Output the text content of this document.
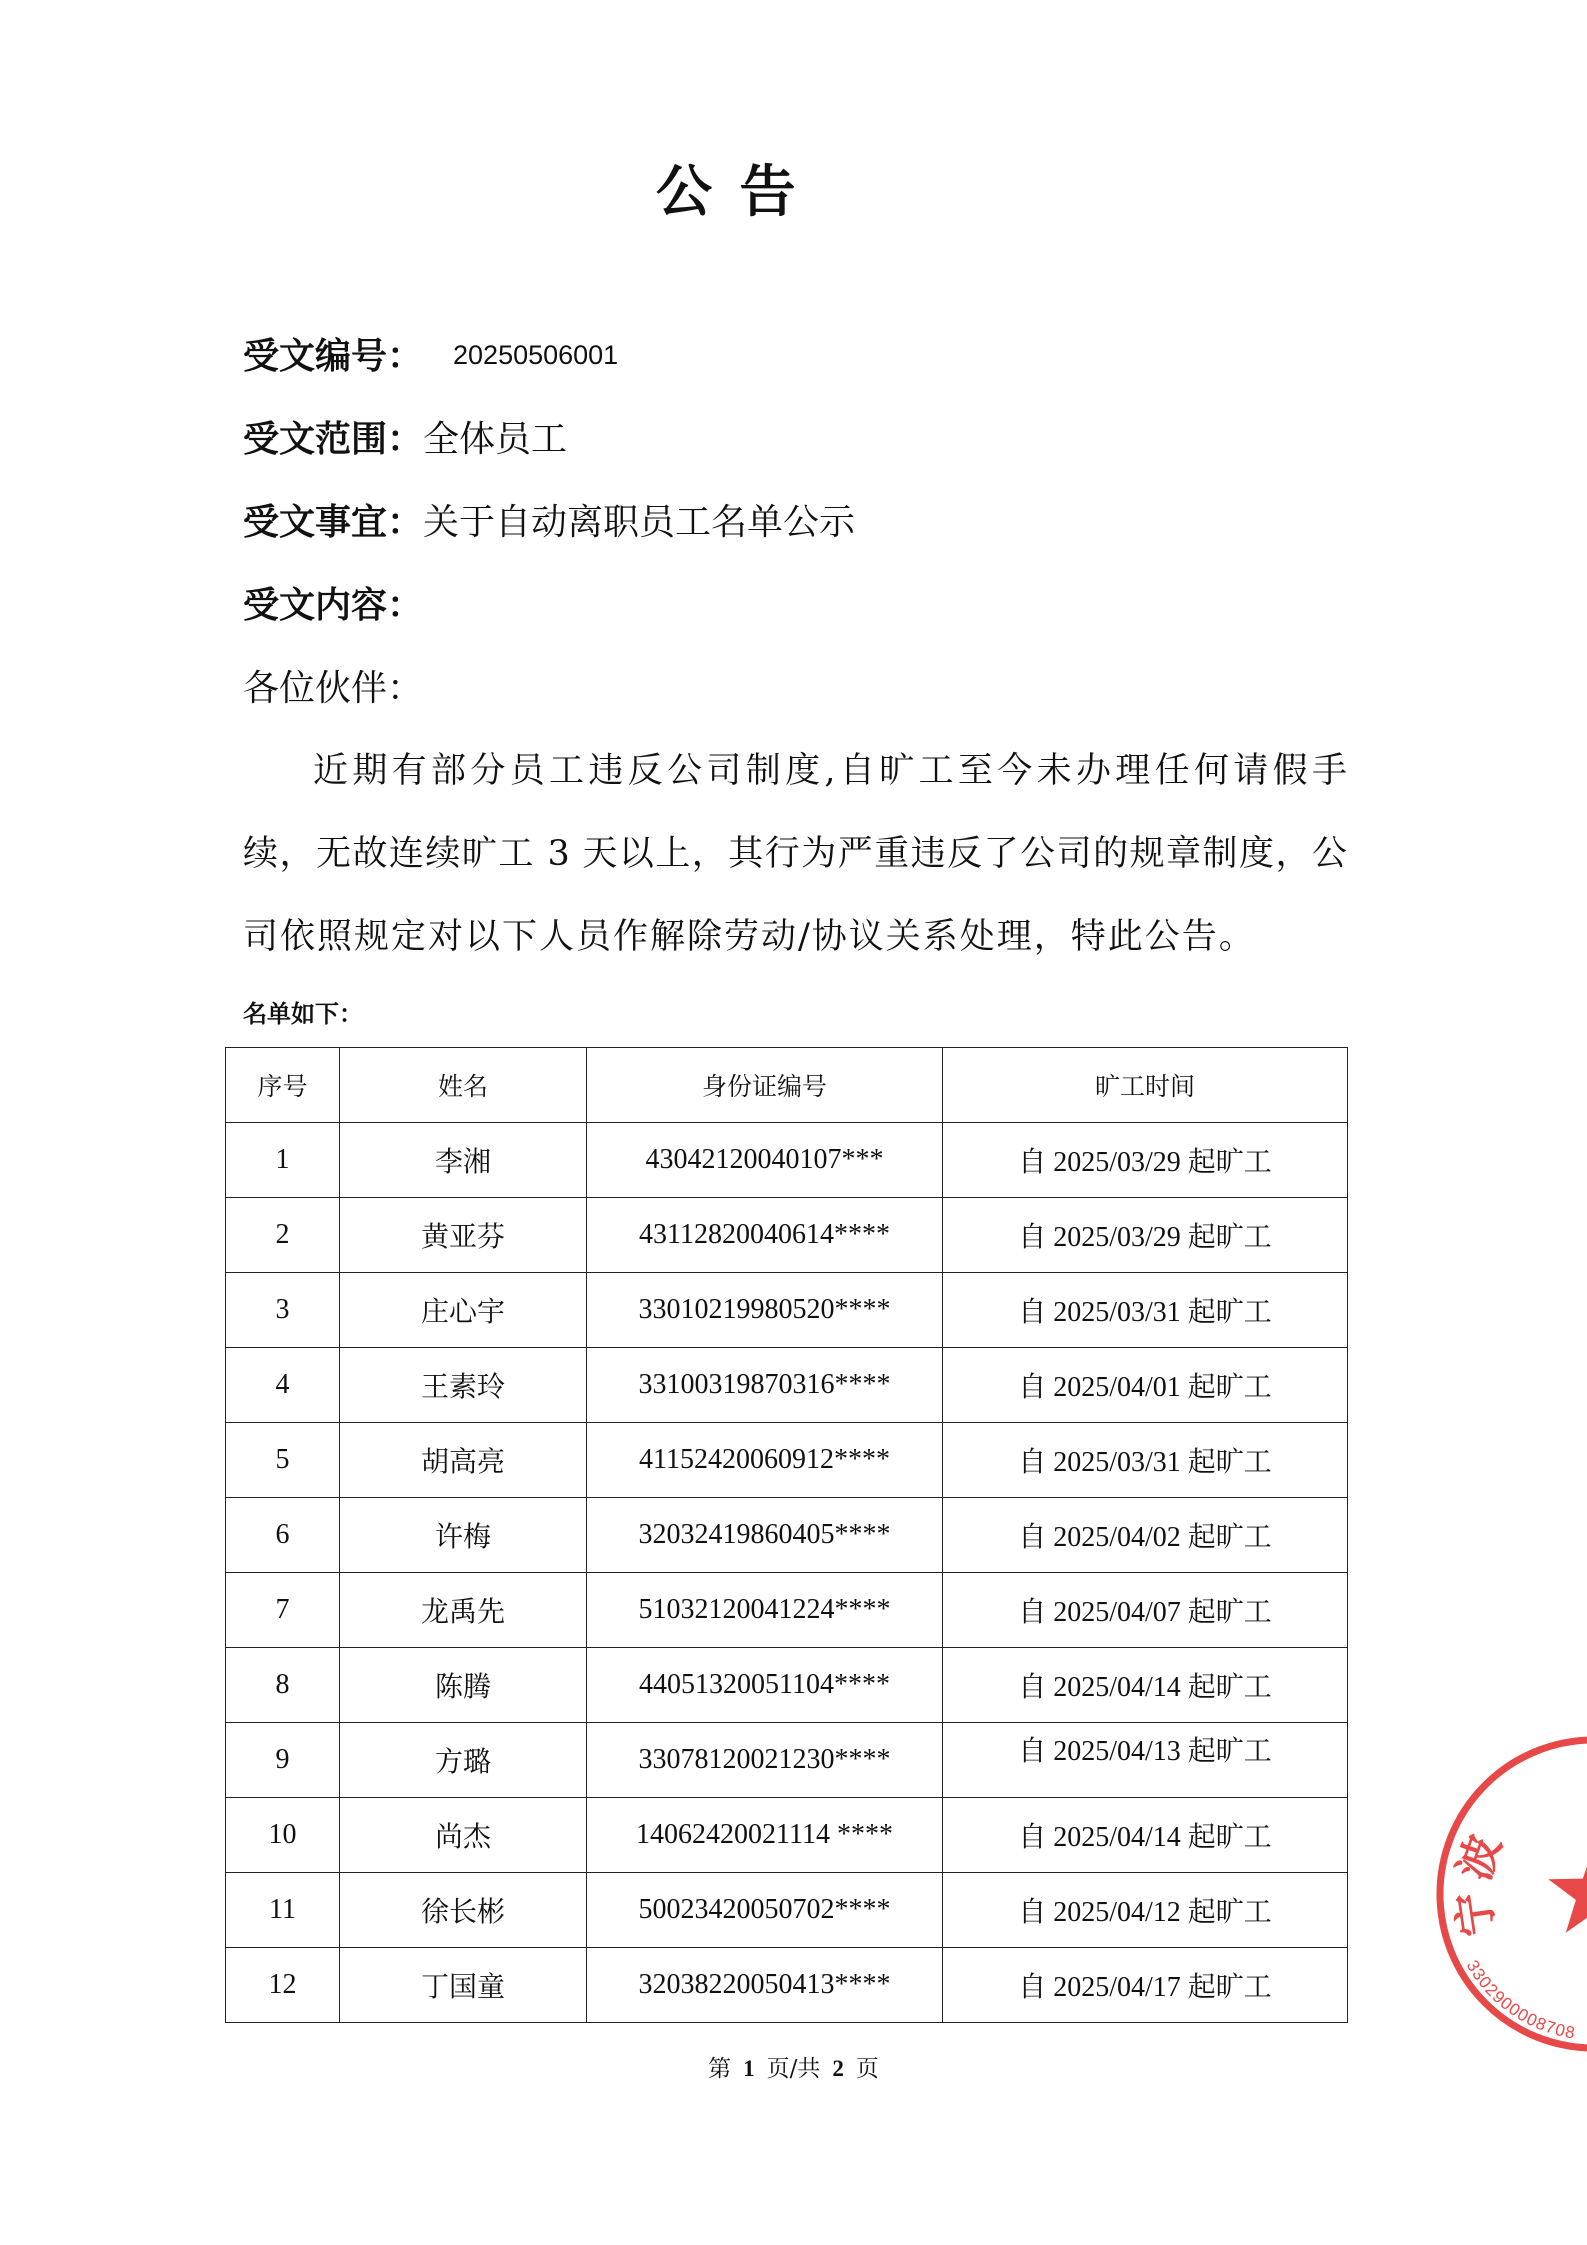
公 告
受文编号： 20250506001
受文范围：全体员工
受文事宜：关于自动离职员工名单公示
受文内容：
各位伙伴：
近期有部分员工违反公司制度,自旷工至今未办理任何请假手
续，无故连续旷工 3 天以上，其行为严重违反了公司的规章制度，公
司依照规定对以下人员作解除劳动/协议关系处理，特此公告。
名单如下：
序号	姓名	身份证编号	旷工时间
1	李湘	43042120040107***	自 2025/03/29 起旷工
2	黄亚芬	43112820040614****	自 2025/03/29 起旷工
3	庄心宇	33010219980520****	自 2025/03/31 起旷工
4	王素玲	33100319870316****	自 2025/04/01 起旷工
5	胡高亮	41152420060912****	自 2025/03/31 起旷工
6	许梅	32032419860405****	自 2025/04/02 起旷工
7	龙禹先	51032120041224****	自 2025/04/07 起旷工
8	陈腾	44051320051104****	自 2025/04/14 起旷工
9	方璐	33078120021230****	自 2025/04/13 起旷工
10	尚杰	14062420021114 ****	自 2025/04/14 起旷工
11	徐长彬	50023420050702****	自 2025/04/12 起旷工
12	丁国童	32038220050413****	自 2025/04/17 起旷工
第 1 页/共 2 页
宁波
3302900008708
